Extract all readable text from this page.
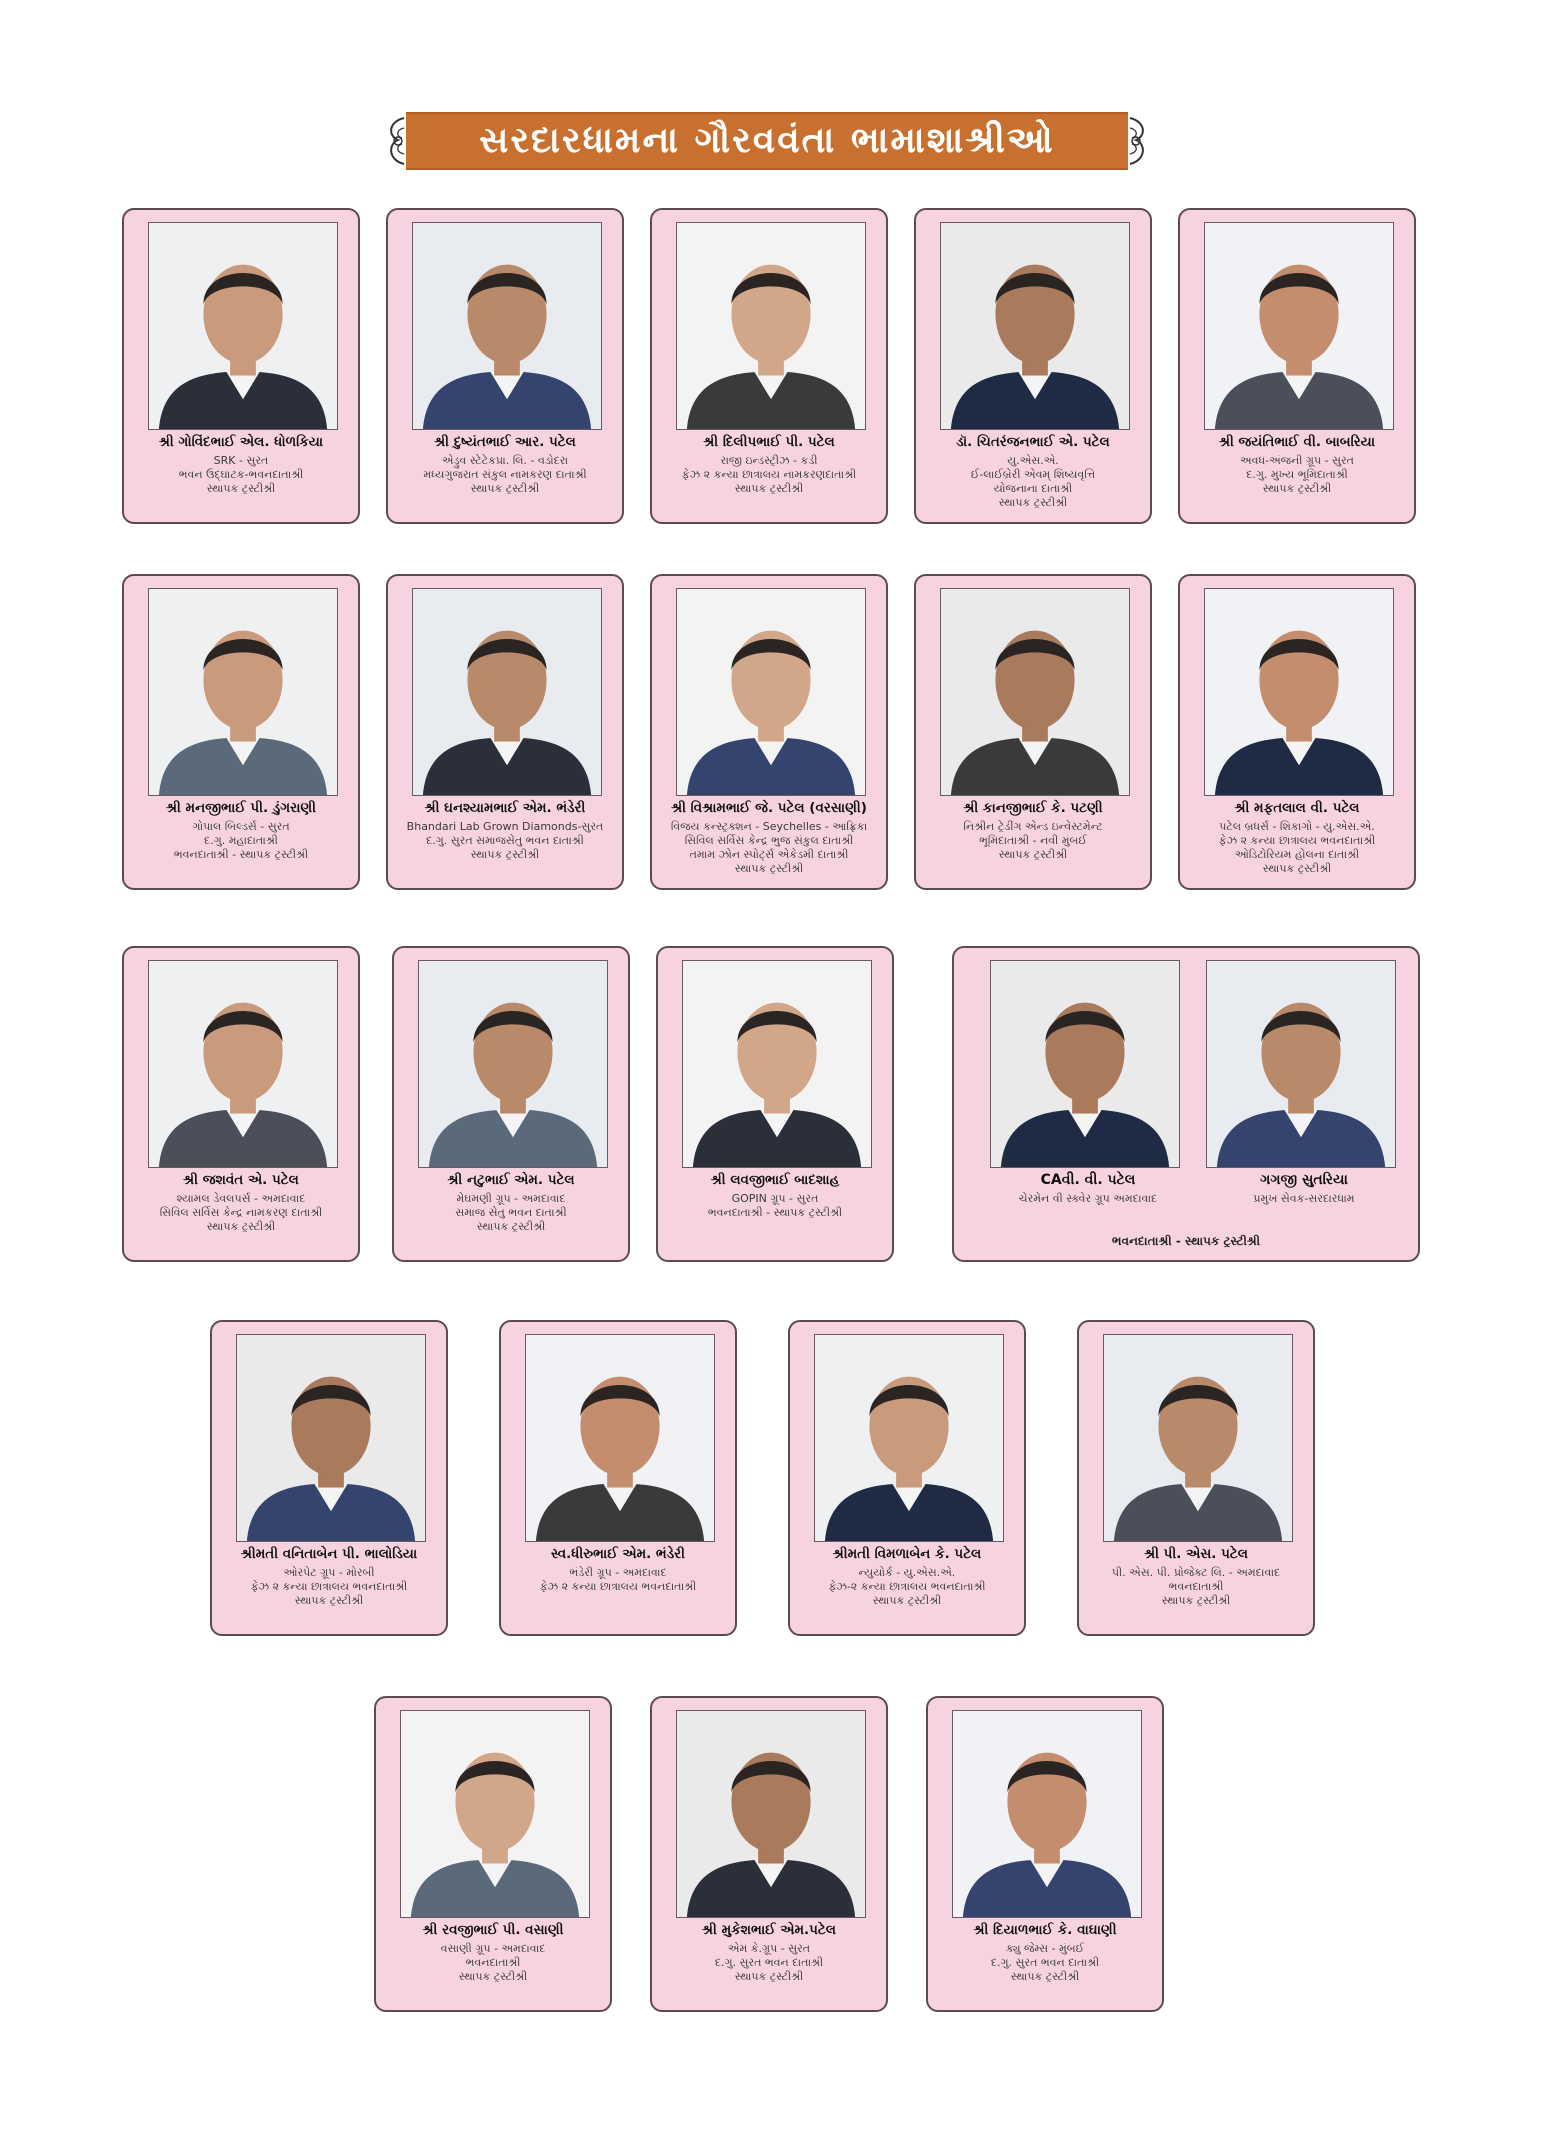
સરદારધામના ગૌરવવંતા ભામાશાશ્રીઓ
શ્રી ગોવિંદભાઈ એલ. ધોળકિયા
SRK - સુરત
ભવન ઉદ્ઘાટક-ભવનદાતાશ્રી
સ્થાપક ટ્રસ્ટીશ્રી
શ્રી દુષ્યંતભાઈ આર. પટેલ
એડ્રુવ સ્ટેટેકપ્રા. લિ. - વડોદરા
મધ્યગુજરાત સંકુલ નામકરણ દાતાશ્રી
સ્થાપક ટ્રસ્ટીશ્રી
શ્રી દિલીપભાઈ પી. પટેલ
રાજી ઇન્ડસ્ટ્રીઝ - કડી
ફેઝ ૨ કન્યા છાત્રાલય નામકરણદાતાશ્રી
સ્થાપક ટ્રસ્ટીશ્રી
ડૉ. ચિતરંજનભાઈ એ. પટેલ
યુ.એસ.એ.
ઈ-લાઈબ્રેરી એવમ્ શિષ્યવૃત્તિ
યોજનાના દાતાશ્રી
સ્થાપક ટ્રસ્ટીશ્રી
શ્રી જયંતિભાઈ વી. બાબરિયા
અવધ-અંજની ગ્રૂપ - સુરત
દ.ગુ. મુખ્ય ભૂમિદાતાશ્રી
સ્થાપક ટ્રસ્ટીશ્રી
શ્રી મનજીભાઈ પી. ડુંગરાણી
ગોપાલ બિલ્ડર્સ - સુરત
દ.ગુ. મહાદાતાશ્રી
ભવનદાતાશ્રી - સ્થાપક ટ્રસ્ટીશ્રી
શ્રી ઘનશ્યામભાઈ એમ. ભંડેરી
Bhandari Lab Grown Diamonds-સુરત
દ.ગુ. સુરત સમાજસેતુ ભવન દાતાશ્રી
સ્થાપક ટ્રસ્ટીશ્રી
શ્રી વિશ્રામભાઈ જે. પટેલ (વરસાણી)
વિજય કન્સ્ટ્રક્શન - Seychelles - આફ્રિકા
સિવિલ સર્વિસ કેન્દ્ર ભુજ સંકુલ દાતાશ્રી
તમામ ઝોન સ્પોર્ટ્સ એકેડમી દાતાશ્રી
સ્થાપક ટ્રસ્ટીશ્રી
શ્રી કાનજીભાઈ કે. પટણી
નિશ્રીન ટ્રેડીંગ એન્ડ ઇન્વેસ્ટમેન્ટ
ભૂમિદાતાશ્રી - નવી મુંબઈ
સ્થાપક ટ્રસ્ટીશ્રી
શ્રી મફતલાલ વી. પટેલ
પટેલ બ્રધર્સ - શિકાગો - યુ.એસ.એ.
ફેઝ ૨ કન્યા છાત્રાલય ભવનદાતાશ્રી
ઓડિટોરિયમ હોલના દાતાશ્રી
સ્થાપક ટ્રસ્ટીશ્રી
શ્રી જશવંત એ. પટેલ
શ્યામલ ડેવલપર્સ - અમદાવાદ
સિવિલ સર્વિસ કેન્દ્ર નામકરણ દાતાશ્રી
સ્થાપક ટ્રસ્ટીશ્રી
શ્રી નટુભાઈ એમ. પટેલ
મેઘમણી ગ્રૂપ - અમદાવાદ
સમાજ સેતુ ભવન દાતાશ્રી
સ્થાપક ટ્રસ્ટીશ્રી
શ્રી લવજીભાઈ બાદશાહ
GOPIN ગ્રૂપ - સુરત
ભવનદાતાશ્રી - સ્થાપક ટ્રસ્ટીશ્રી
શ્રીમતી વનિતાબેન પી. ભાલોડિયા
ઓરપેટ ગ્રૂપ - મોરબી
ફેઝ ૨ કન્યા છાત્રાલય ભવનદાતાશ્રી
સ્થાપક ટ્રસ્ટીશ્રી
સ્વ.ધીરુભાઈ એમ. ભંડેરી
ભંડેરી ગ્રૂપ - અમદાવાદ
ફેઝ ૨ કન્યા છાત્રાલય ભવનદાતાશ્રી
શ્રીમતી વિમળાબેન કે. પટેલ
ન્યુયોર્ક - યુ.એસ.એ.
ફેઝ-૨ કન્યા છાત્રાલય ભવનદાતાશ્રી
સ્થાપક ટ્રસ્ટીશ્રી
શ્રી પી. એસ. પટેલ
પી. એસ. પી. પ્રોજેક્ટ લિ. - અમદાવાદ
ભવનદાતાશ્રી
સ્થાપક ટ્રસ્ટીશ્રી
શ્રી રવજીભાઈ પી. વસાણી
વસાણી ગ્રૂપ - અમદાવાદ
ભવનદાતાશ્રી
સ્થાપક ટ્રસ્ટીશ્રી
શ્રી મુકેશભાઈ એમ.પટેલ
એમ કે.ગ્રૂપ - સુરત
દ.ગુ. સુરત ભવન દાતાશ્રી
સ્થાપક ટ્રસ્ટીશ્રી
શ્રી દિયાળભાઈ કે. વાઘાણી
ક્યુ જેમ્સ - મુંબઈ
દ.ગુ. સુરત ભવન દાતાશ્રી
સ્થાપક ટ્રસ્ટીશ્રી
CAવી. વી. પટેલ	ગગજી સુતરિયા
ચેરમેન વી સ્ક્વેર ગ્રૂપ અમદાવાદ	પ્રમુખ સેવક-સરદારધામ
ભવનદાતાશ્રી - સ્થાપક ટ્રસ્ટીશ્રી
